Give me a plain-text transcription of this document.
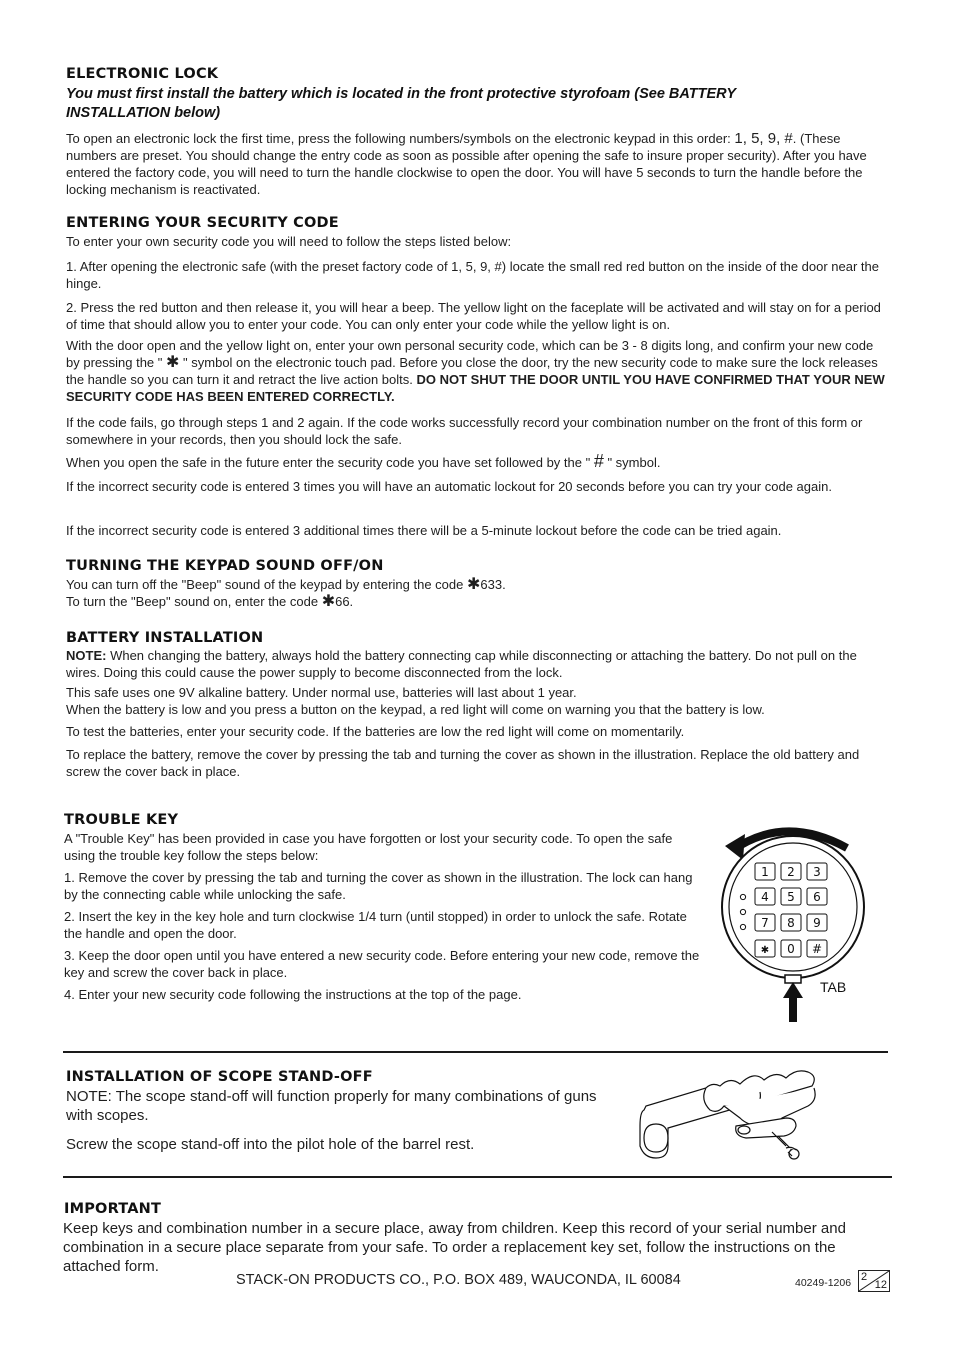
ELECTRONIC LOCK
You must first install the battery which is located in the front protective styrofoam (See BATTERY INSTALLATION below)
To open an electronic lock the first time, press the following numbers/symbols on the electronic keypad in this order: 1, 5, 9, #. (These numbers are preset. You should change the entry code as soon as possible after opening the safe to insure proper security). After you have entered the factory code, you will need to turn the handle clockwise to open the door. You will have 5 seconds to turn the handle before the locking mechanism is reactivated.
ENTERING YOUR SECURITY CODE
To enter your own security code you will need to follow the steps listed below:
1. After opening the electronic safe (with the preset factory code of 1, 5, 9, #) locate the small red red button on the inside of the door near the hinge.
2. Press the red button and then release it, you will hear a beep. The yellow light on the faceplate will be activated and will stay on for a period of time that should allow you to enter your code. You can only enter your code while the yellow light is on.
With the door open and the yellow light on, enter your own personal security code, which can be 3 - 8 digits long, and confirm your new code by pressing the " ✱ " symbol on the electronic touch pad. Before you close the door, try the new security code to make sure the lock releases the handle so you can turn it and retract the live action bolts. DO NOT SHUT THE DOOR UNTIL YOU HAVE CONFIRMED THAT YOUR NEW SECURITY CODE HAS BEEN ENTERED CORRECTLY.
If the code fails, go through steps 1 and 2 again. If the code works successfully record your combination number on the front of this form or somewhere in your records, then you should lock the safe.
When you open the safe in the future enter the security code you have set followed by the " # " symbol.
If the incorrect security code is entered 3 times you will have an automatic lockout for 20 seconds before you can try your code again.
If the incorrect security code is entered 3 additional times there will be a 5-minute lockout before the code can be tried again.
TURNING THE KEYPAD SOUND OFF/ON
You can turn off the "Beep" sound of the keypad by entering the code ✱633.
To turn the "Beep" sound on, enter the code ✱66.
BATTERY INSTALLATION
NOTE: When changing the battery, always hold the battery connecting cap while disconnecting or attaching the battery. Do not pull on the wires. Doing this could cause the power supply to become disconnected from the lock.
This safe uses one 9V alkaline battery. Under normal use, batteries will last about 1 year.
When the battery is low and you press a button on the keypad, a red light will come on warning you that the battery is low.
To test the batteries, enter your security code. If the batteries are low the red light will come on momentarily.
To replace the battery, remove the cover by pressing the tab and turning the cover as shown in the illustration. Replace the old battery and screw the cover back in place.
TROUBLE KEY
A "Trouble Key" has been provided in case you have forgotten or lost your security code. To open the safe using the trouble key follow the steps below:
1. Remove the cover by pressing the tab and turning the cover as shown in the illustration. The lock can hang by the connecting cable while unlocking the safe.
2. Insert the key in the key hole and turn clockwise 1/4 turn (until stopped) in order to unlock the safe. Rotate the handle and open the door.
3. Keep the door open until you have entered a new security code. Before entering your new code, remove the key and screw the cover back in place.
4. Enter your new security code following the instructions at the top of the page.
1 2 3
4 5 6
7 8 9
✱ 0 #
TAB
INSTALLATION OF SCOPE STAND-OFF
NOTE: The scope stand-off will function properly for many combinations of guns with scopes.
Screw the scope stand-off into the pilot hole of the barrel rest.
IMPORTANT
Keep keys and combination number in a secure place, away from children. Keep this record of your serial number and combination in a secure place separate from your safe. To order a replacement key set, follow the instructions on the attached form.
STACK-ON PRODUCTS CO., P.O. BOX 489, WAUCONDA, IL 60084	40249-1206 2
12
